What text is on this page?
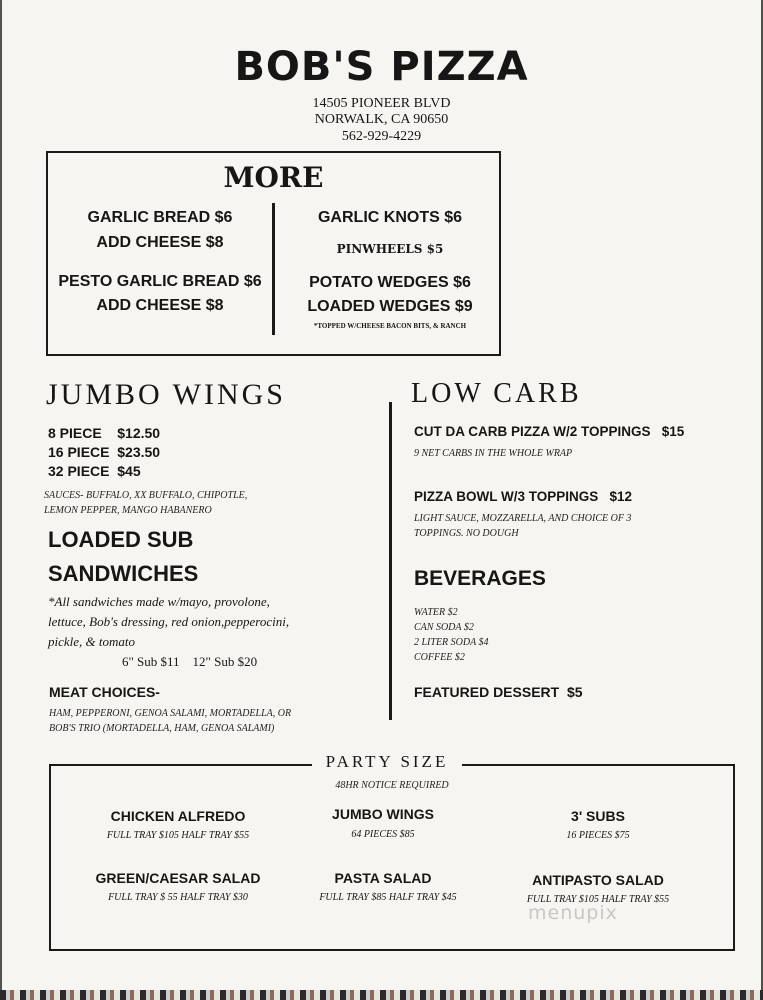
BOB'S PIZZA

14505 PIONEER BLVD

NORWALK, CA 90650

562-929-4229

MORE

GARLIC BREAD $6

ADD CHEESE $8

PESTO GARLIC BREAD $6

ADD CHEESE $8

GARLIC KNOTS $6

PINWHEELS $5

POTATO WEDGES $6

LOADED WEDGES $9

*TOPPED W/CHEESE BACON BITS, & RANCH

JUMBO WINGS

8 PIECE    $12.50

16 PIECE  $23.50

32 PIECE  $45

SAUCES- BUFFALO, XX BUFFALO, CHIPOTLE,

LEMON PEPPER, MANGO HABANERO

LOADED SUB

SANDWICHES

*All sandwiches made w/mayo, provolone,

lettuce, Bob's dressing, red onion,pepperocini,

pickle, & tomato

6" Sub $11    12" Sub $20

MEAT CHOICES-

HAM, PEPPERONI, GENOA SALAMI, MORTADELLA, OR

BOB'S TRIO (MORTADELLA, HAM, GENOA SALAMI)

LOW CARB

CUT DA CARB PIZZA W/2 TOPPINGS   $15

9 NET CARBS IN THE WHOLE WRAP

PIZZA BOWL W/3 TOPPINGS   $12

LIGHT SAUCE, MOZZARELLA, AND CHOICE OF 3

TOPPINGS. NO DOUGH

BEVERAGES

WATER $2

CAN SODA $2

2 LITER SODA $4

COFFEE $2

FEATURED DESSERT  $5

PARTY SIZE

48HR NOTICE REQUIRED

CHICKEN ALFREDO

FULL TRAY $105 HALF TRAY $55

JUMBO WINGS

64 PIECES $85

3' SUBS

16 PIECES $75

GREEN/CAESAR SALAD

FULL TRAY $ 55 HALF TRAY $30

PASTA SALAD

FULL TRAY $85 HALF TRAY $45

ANTIPASTO SALAD

FULL TRAY $105 HALF TRAY $55

menupix
